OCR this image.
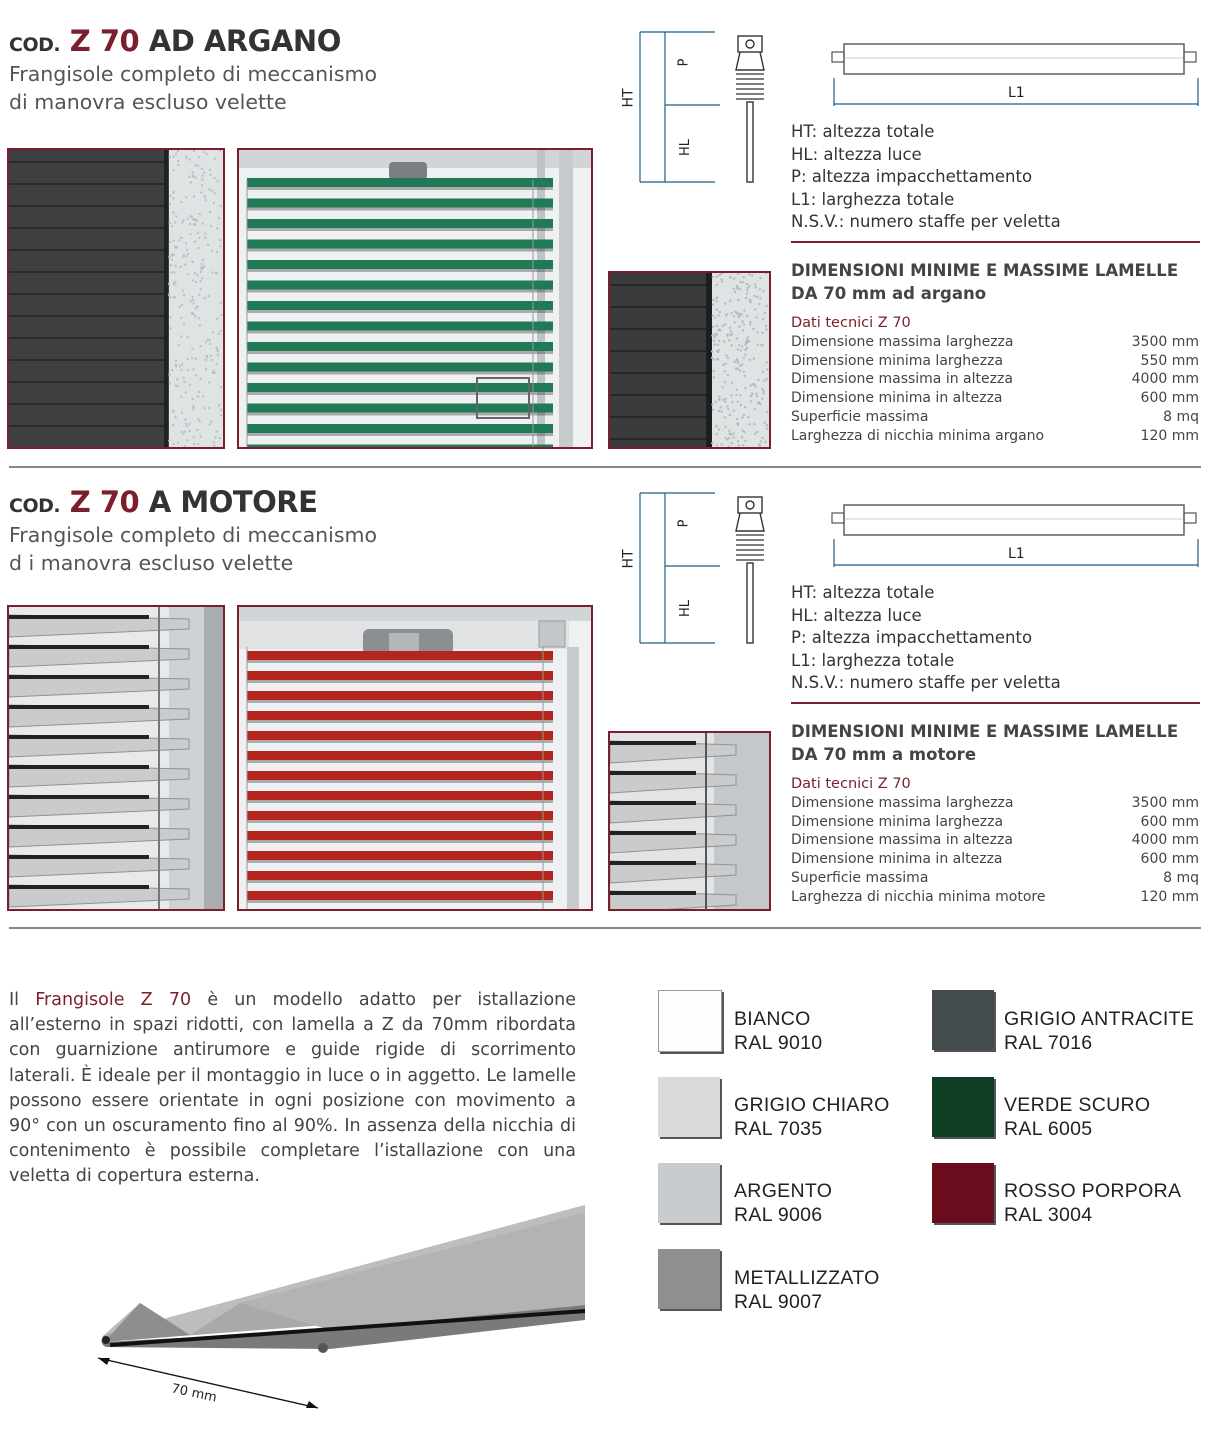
COD. Z 70 AD ARGANO
Frangisole completo di meccanismo
di manovra escluso velette	HT
P
HL
L1
HT: altezza totale
HL: altezza luce
P: altezza impacchettamento
L1: larghezza totale
N.S.V.: numero staffe per veletta
DIMENSIONI MINIME E MASSIME LAMELLE
DA 70 mm ad argano
Dati tecnici Z 70
Dimensione massima larghezza	3500 mm
Dimensione minima larghezza	550 mm
Dimensione massima in altezza	4000 mm
Dimensione minima in altezza	600 mm
Superficie massima	8 mq
Larghezza di nicchia minima argano	120 mm
COD. Z 70 A MOTORE
Frangisole completo di meccanismo
d i manovra escluso velette	HT
P
HL
L1
HT: altezza totale
HL: altezza luce
P: altezza impacchettamento
L1: larghezza totale
N.S.V.: numero staffe per veletta
DIMENSIONI MINIME E MASSIME LAMELLE
DA 70 mm a motore
Dati tecnici Z 70
Dimensione massima larghezza	3500 mm
Dimensione minima larghezza	600 mm
Dimensione massima in altezza	4000 mm
Dimensione minima in altezza	600 mm
Superficie massima	8 mq
Larghezza di nicchia minima motore	120 mm
Il Frangisole Z 70 è un modello adatto per istallazione all’esterno in spazi ridotti, con lamella a Z da 70mm ribordata con guarnizione antirumore e guide rigide di scorrimento laterali. È ideale per il montaggio in luce o in aggetto. Le lamelle possono essere orientate in ogni posizione con movimento a 90° con un oscuramento fino al 90%. In assenza della nicchia di contenimento è possibile completare l’istallazione con una veletta di copertura esterna.
70 mm
BIANCO
RAL 9010
GRIGIO CHIARO
RAL 7035
ARGENTO
RAL 9006
METALLIZZATO
RAL 9007
GRIGIO ANTRACITE
RAL 7016
VERDE SCURO
RAL 6005
ROSSO PORPORA
RAL 3004
